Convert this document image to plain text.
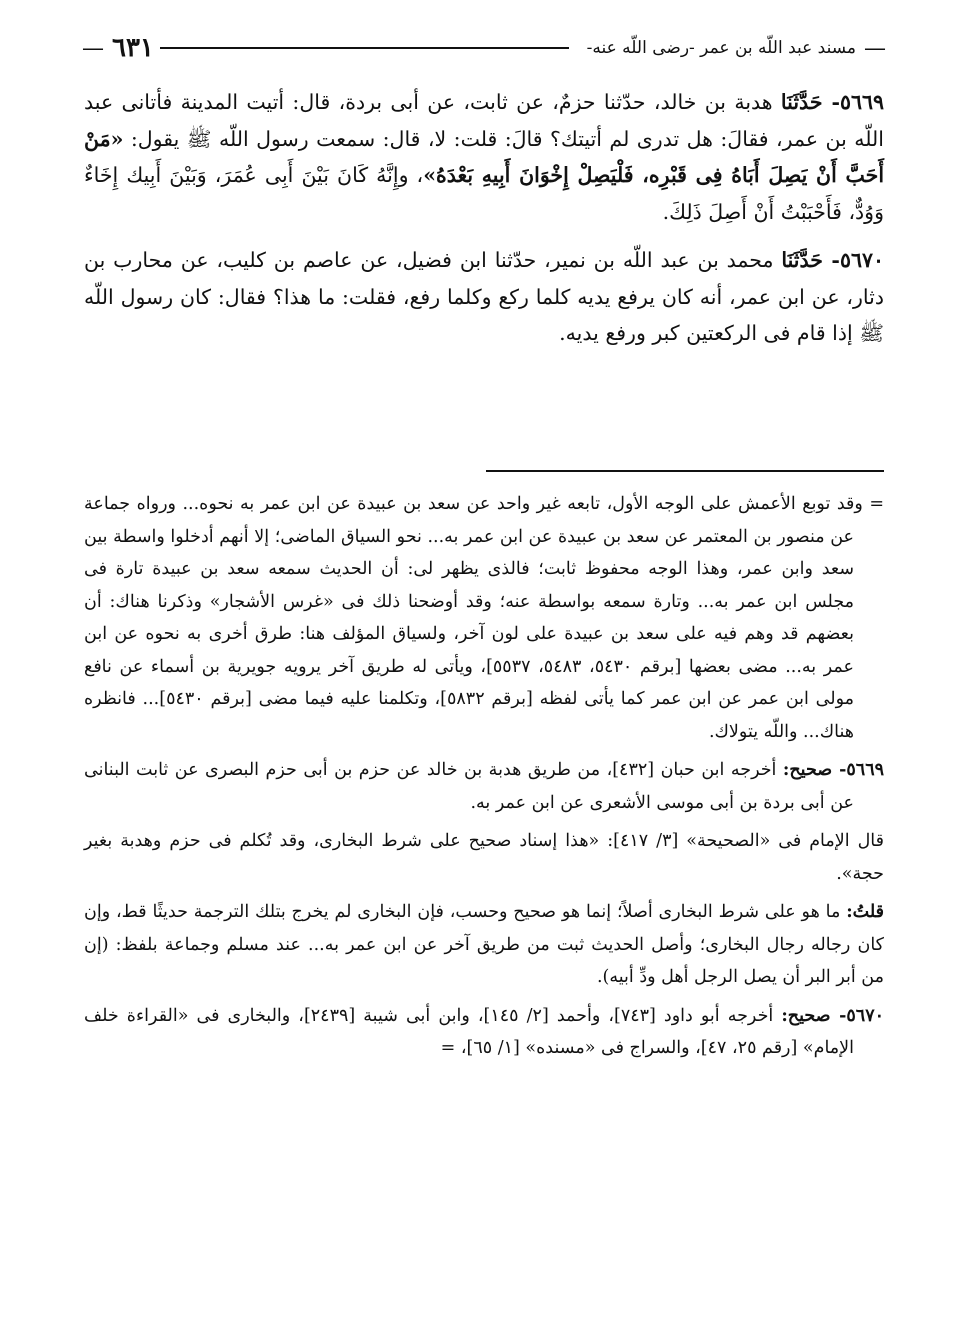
—
مسند عبد اللّه بن عمر -رضى اللّه عنه-
٦٣١
—

٥٦٦٩- حَدَّثَنَا هدبة بن خالد، حدّثنا حزمٌ، عن ثابت، عن أبى بردة، قال: أتيت المدينة فأتانى عبد اللّه بن عمر، فقالَ: هل تدرى لم أتيتك؟ قالَ: قلت: لا، قال: سمعت رسول اللّه ﷺ يقول: «مَنْ أَحَبَّ أَنْ يَصِلَ أَبَاهُ فِى قَبْرِه، فَلْيَصِلْ إِخْوَانَ أَبِيهِ بَعْدَهُ»، وإِنَّهُ كَانَ بَيْنَ أَبِى عُمَرَ، وَبَيْنَ أَبِيك إِخَاءٌ وَوُدٌّ، فَأَحْبَبْتُ أَنْ أَصِلَ ذَلِكَ.

٥٦٧٠- حَدَّثَنَا محمد بن عبد اللّه بن نمير، حدّثنا ابن فضيل، عن عاصم بن كليب، عن محارب بن دثار، عن ابن عمر، أنه كان يرفع يديه كلما ركع وكلما رفع، فقلت: ما هذا؟ فقال: كان رسول اللّه ﷺ إذا قام فى الركعتين كبر ورفع يديه.

= وقد توبع الأعمش على الوجه الأول، تابعه غير واحد عن سعد بن عبيدة عن ابن عمر به نحوه... ورواه جماعة عن منصور بن المعتمر عن سعد بن عبيدة عن ابن عمر به... نحو السياق الماضى؛ إلا أنهم أدخلوا واسطة بين سعد وابن عمر، وهذا الوجه محفوظ ثابت؛ فالذى يظهر لى: أن الحديث سمعه سعد بن عبيدة تارة فى مجلس ابن عمر به... وتارة سمعه بواسطة عنه؛ وقد أوضحنا ذلك فى «غرس الأشجار» وذكرنا هناك: أن بعضهم قد وهم فيه على سعد بن عبيدة على لون آخر، ولسياق المؤلف هنا: طرق أخرى به نحوه عن ابن عمر به... مضى بعضها [برقم ٥٤٣٠، ٥٤٨٣، ٥٥٣٧]، ويأتى له طريق آخر يرويه جويرية بن أسماء عن نافع مولى ابن عمر عن ابن عمر كما يأتى لفظه [برقم ٥٨٣٢]، وتكلمنا عليه فيما مضى [برقم ٥٤٣٠]... فانظره هناك... واللّه يتولاك.

٥٦٦٩- صحيح: أخرجه ابن حبان [٤٣٢]، من طريق هدبة بن خالد عن حزم بن أبى حزم البصرى عن ثابت البنانى عن أبى بردة بن أبى موسى الأشعرى عن ابن عمر به.

قال الإمام فى «الصحيحة» [٣/ ٤١٧]: «هذا إسناد صحيح على شرط البخارى، وقد تُكلم فى حزم وهدبة بغير حجة».

قلتُ: ما هو على شرط البخارى أصلاً؛ إنما هو صحيح وحسب، فإن البخارى لم يخرج بتلك الترجمة حديثًا قط، وإن كان رجاله رجال البخارى؛ وأصل الحديث ثبت من طريق آخر عن ابن عمر به... عند مسلم وجماعة بلفظ: (إن من أبر البر أن يصل الرجل أهل ودِّ أبيه).

٥٦٧٠- صحيح: أخرجه أبو داود [٧٤٣]، وأحمد [٢/ ١٤٥]، وابن أبى شيبة [٢٤٣٩]، والبخارى فى «القراءة خلف الإمام» [رقم ٢٥، ٤٧]، والسراج فى «مسنده» [١/ ٦٥]، =
